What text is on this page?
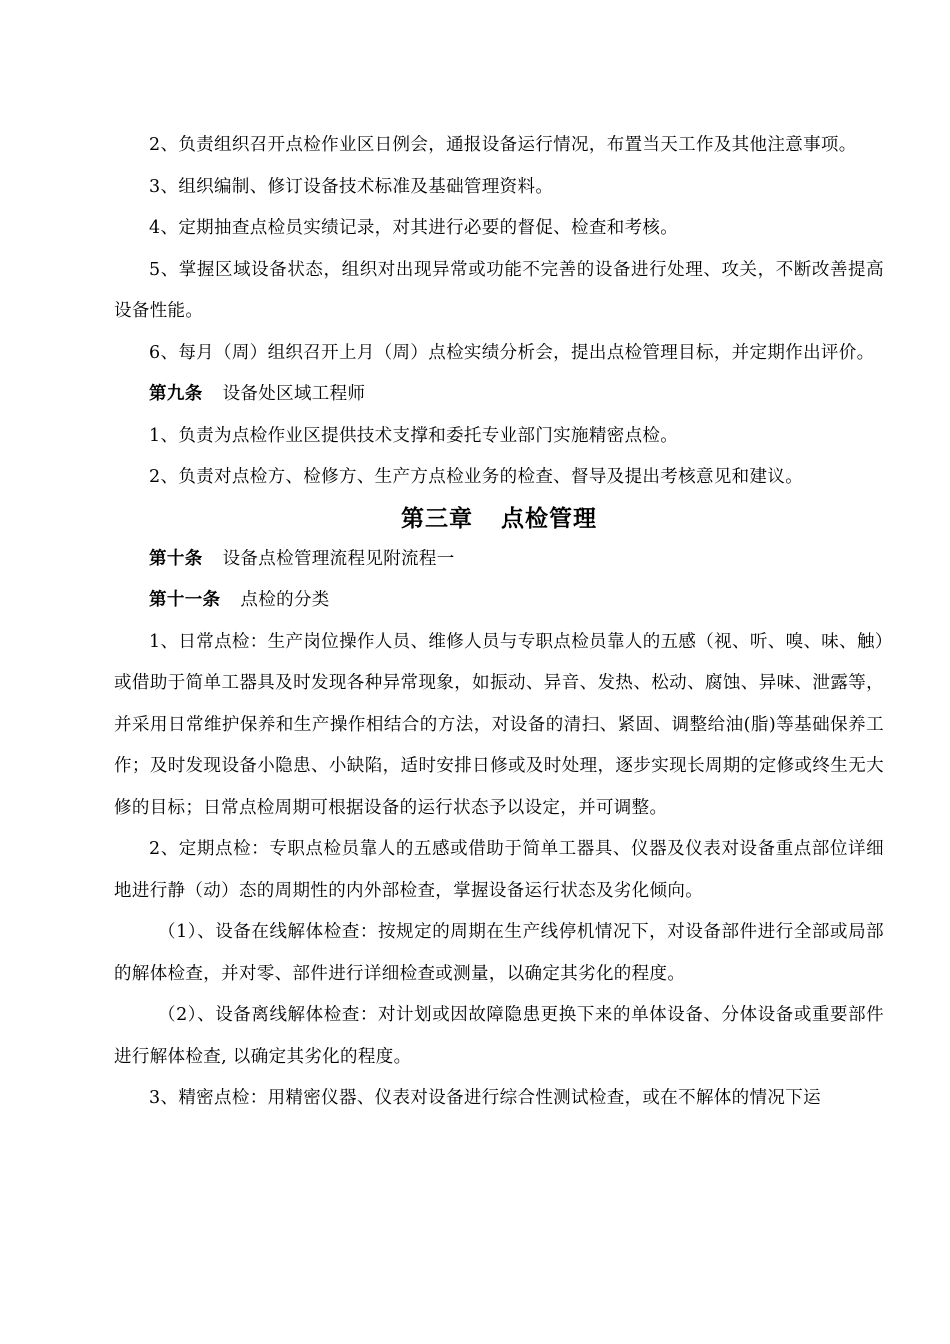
2、负责组织召开点检作业区日例会，通报设备运行情况，布置当天工作及其他注意事项。

3、组织编制、修订设备技术标准及基础管理资料。

4、定期抽查点检员实绩记录，对其进行必要的督促、检查和考核。

5、掌握区域设备状态，组织对出现异常或功能不完善的设备进行处理、攻关，不断改善提高设备性能。

6、每月（周）组织召开上月（周）点检实绩分析会，提出点检管理目标，并定期作出评价。

第九条 设备处区域工程师

1、负责为点检作业区提供技术支撑和委托专业部门实施精密点检。

2、负责对点检方、检修方、生产方点检业务的检查、督导及提出考核意见和建议。

第三章 点检管理

第十条 设备点检管理流程见附流程一

第十一条 点检的分类

1、日常点检：生产岗位操作人员、维修人员与专职点检员靠人的五感（视、听、嗅、味、触）或借助于简单工器具及时发现各种异常现象，如振动、异音、发热、松动、腐蚀、异味、泄露等，并采用日常维护保养和生产操作相结合的方法，对设备的清扫、紧固、调整给油(脂)等基础保养工作；及时发现设备小隐患、小缺陷，适时安排日修或及时处理，逐步实现长周期的定修或终生无大修的目标；日常点检周期可根据设备的运行状态予以设定，并可调整。

2、定期点检：专职点检员靠人的五感或借助于简单工器具、仪器及仪表对设备重点部位详细地进行静（动）态的周期性的内外部检查，掌握设备运行状态及劣化倾向。

（1）、设备在线解体检查：按规定的周期在生产线停机情况下，对设备部件进行全部或局部的解体检查，并对零、部件进行详细检查或测量，以确定其劣化的程度。

（2）、设备离线解体检查：对计划或因故障隐患更换下来的单体设备、分体设备或重要部件进行解体检查, 以确定其劣化的程度。

3、精密点检：用精密仪器、仪表对设备进行综合性测试检查，或在不解体的情况下运
